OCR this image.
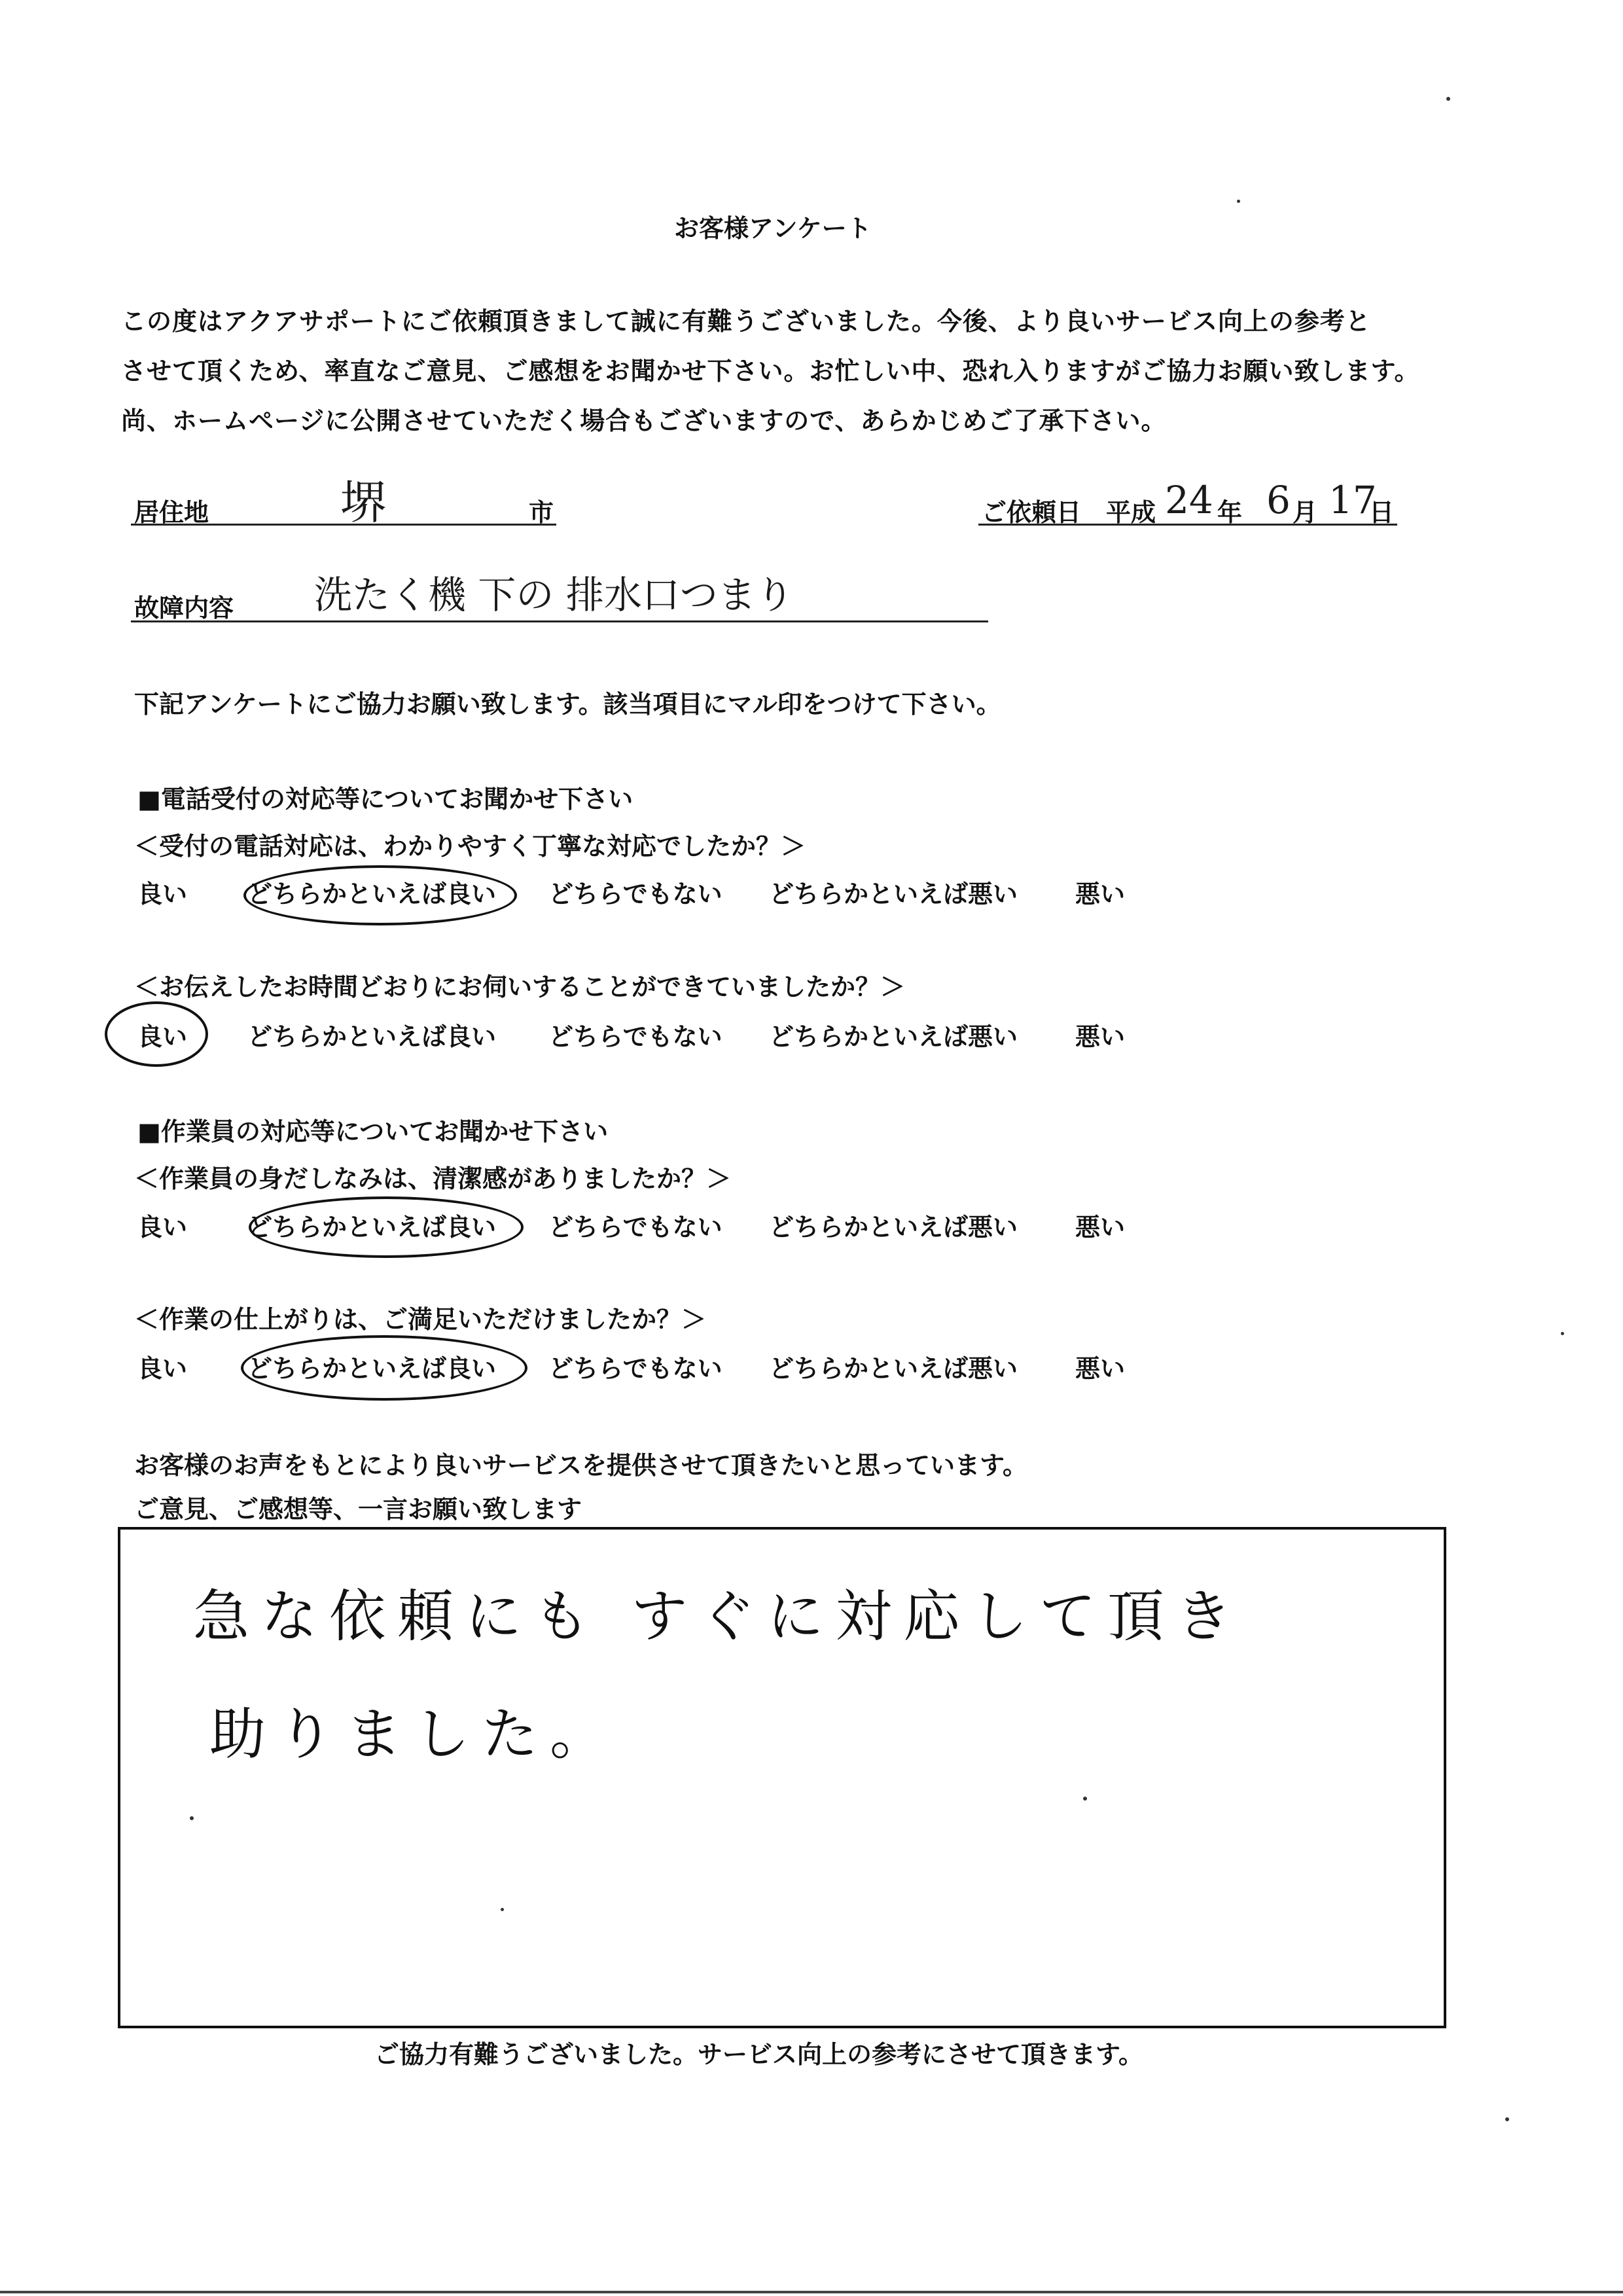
お客様アンケート
この度はアクアサポートにご依頼頂きまして誠に有難うございました。今後、より良いサービス向上の参考と
させて頂くため、率直なご意見、ご感想をお聞かせ下さい。お忙しい中、恐れ入りますがご協力お願い致します。
尚、ホームページに公開させていただく場合もございますので、あらかじめご了承下さい。
居住地	堺	市	ご依頼日 平成 24 年 6 月 17
日
故障内容 洗たく機 下の 排水口つまり
下記アンケートにご協力お願い致します。該当項目にマル印をつけて下さい。
■電話受付の対応等についてお聞かせ下さい
＜受付の電話対応は、わかりやすく丁寧な対応でしたか？＞
良い どちらかといえば良い どちらでもない どちらかといえば悪い 悪い
＜お伝えしたお時間どおりにお伺いすることができていましたか？＞
良い どちらかといえば良い どちらでもない どちらかといえば悪い 悪い
■作業員の対応等についてお聞かせ下さい
＜作業員の身だしなみは、清潔感がありましたか？＞
良い どちらかといえば良い どちらでもない どちらかといえば悪い 悪い
＜作業の仕上がりは、ご満足いただけましたか？＞
良い どちらかといえば良い どちらでもない どちらかといえば悪い 悪い
お客様のお声をもとにより良いサービスを提供させて頂きたいと思っています。
ご意見、ご感想等、一言お願い致します
急な依頼にも すぐに対応して頂き
助りました。
ご協力有難うございました。サービス向上の参考にさせて頂きます。
